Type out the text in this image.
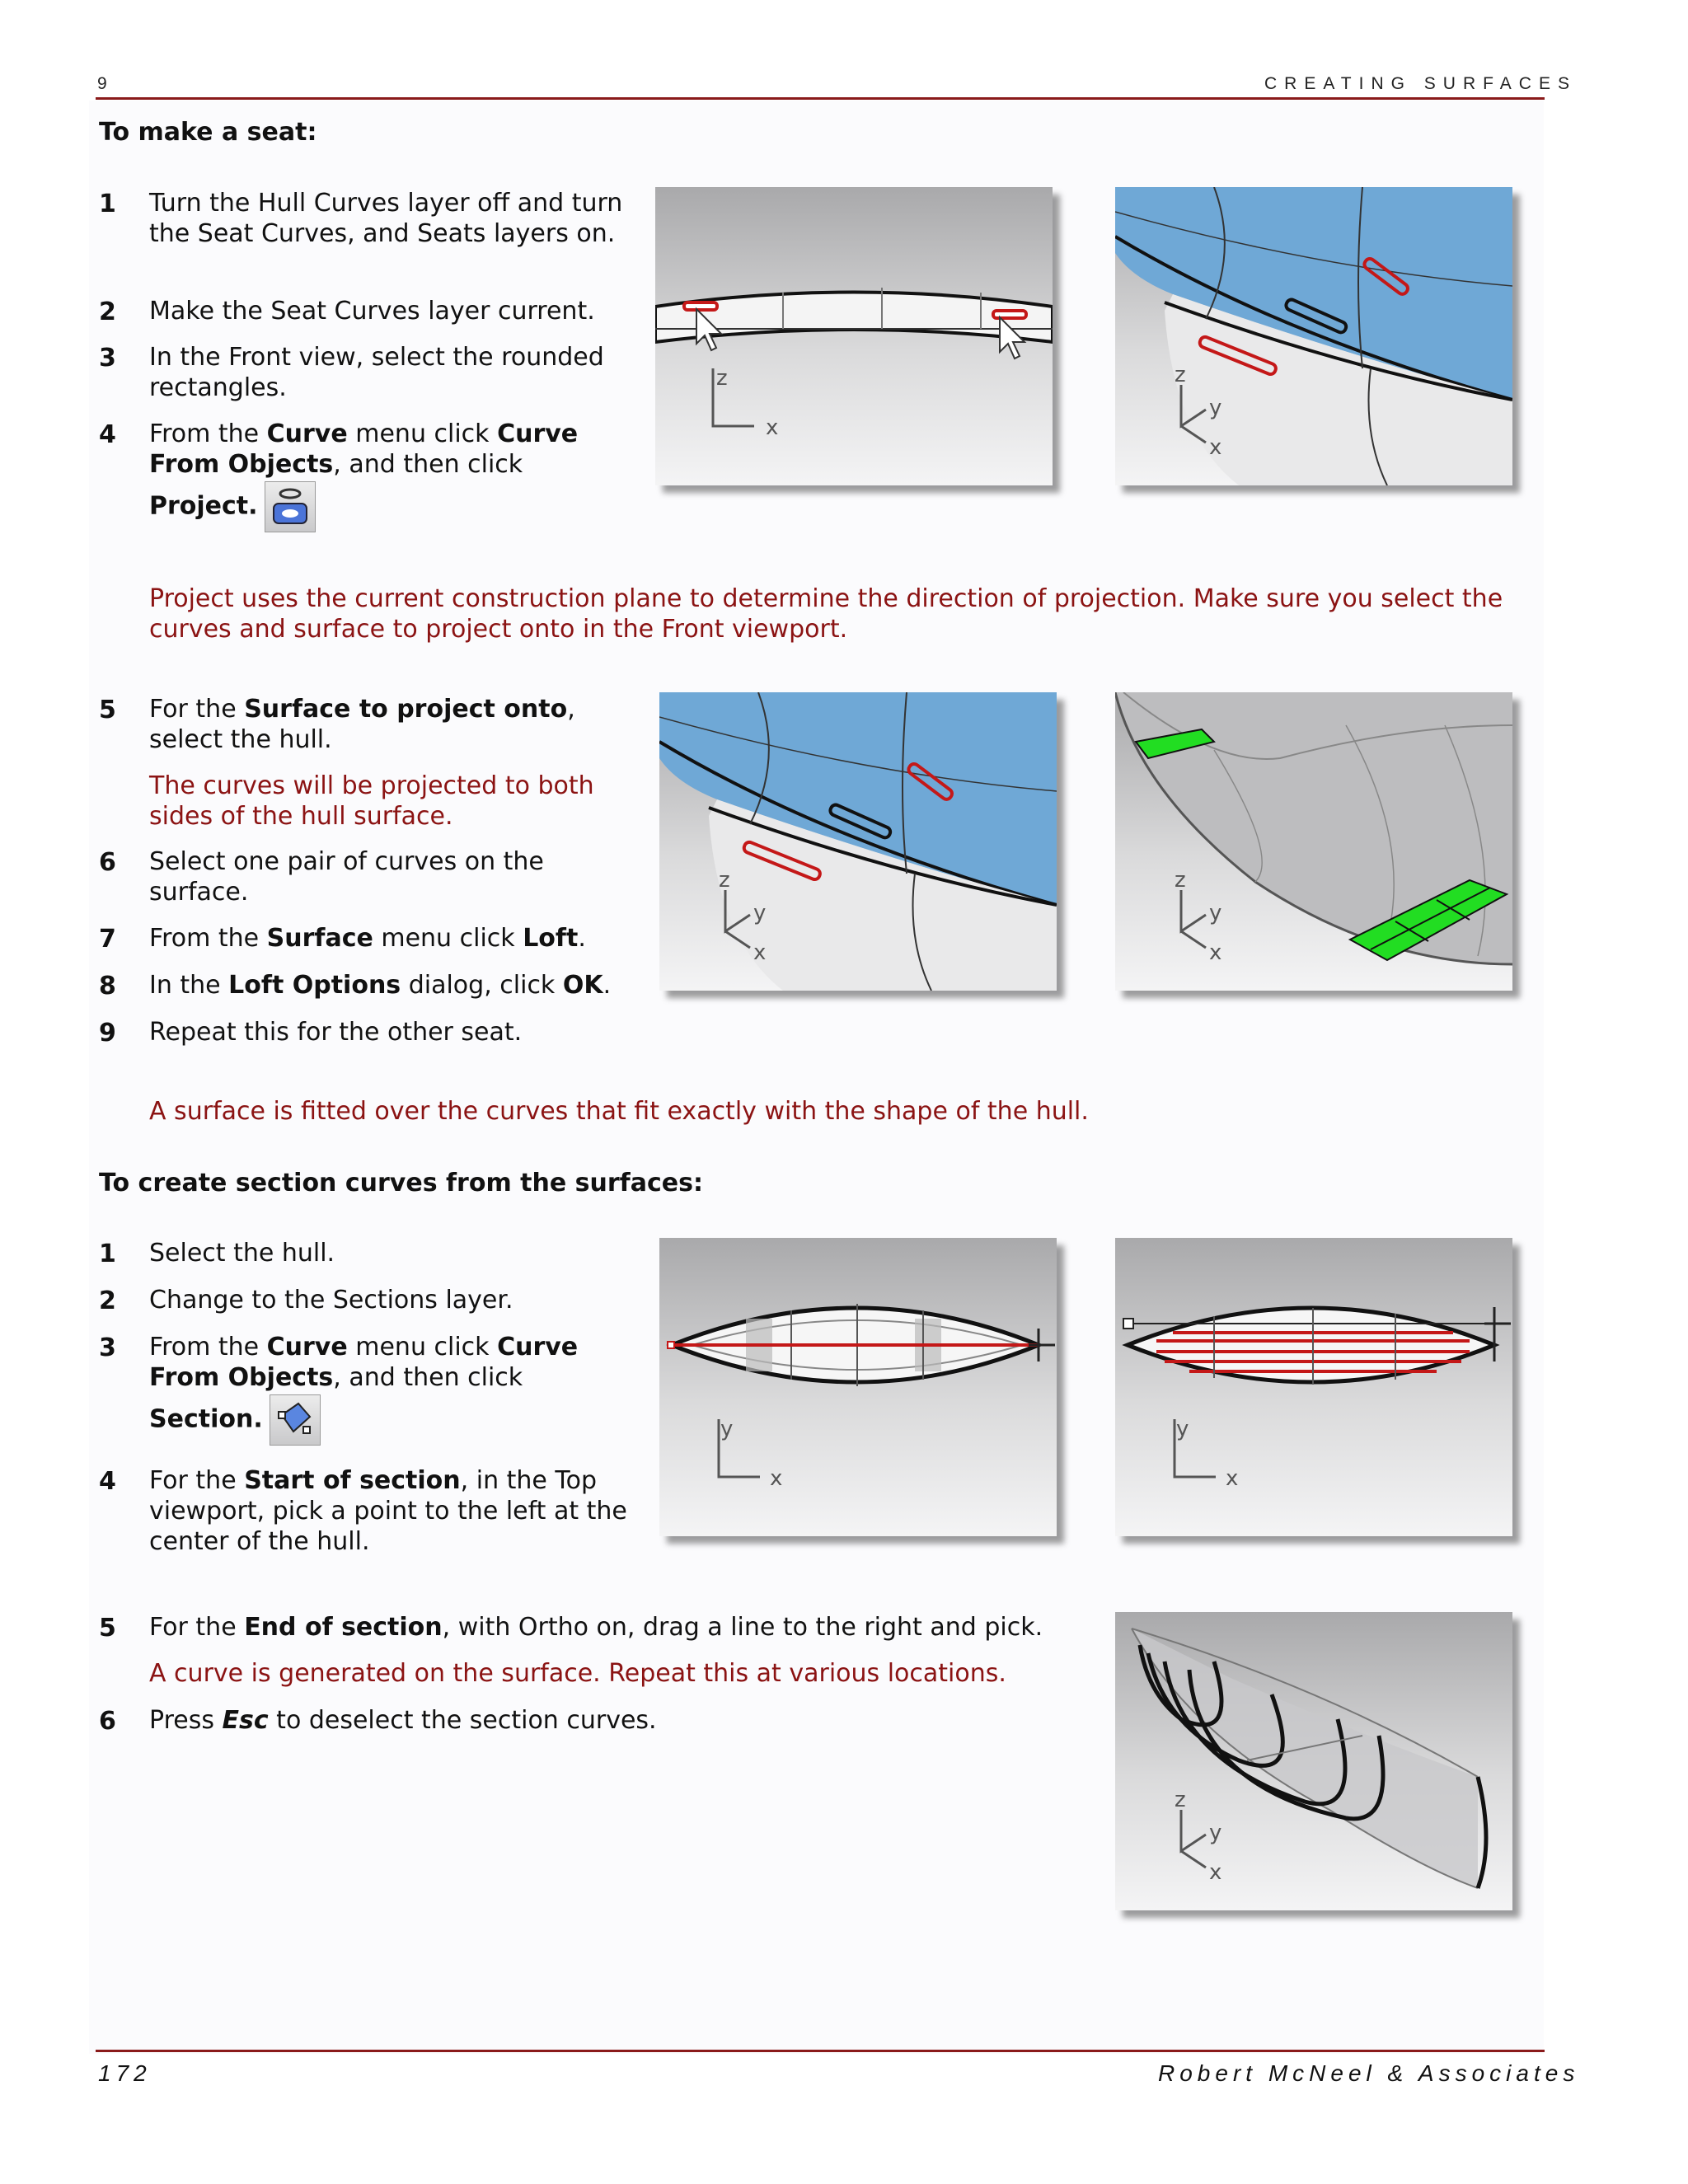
9	CREATING SURFACES
To make a seat:
1 Turn the Hull Curves layer off and turn the Seat Curves, and Seats layers on.
2 Make the Seat Curves layer current.
3 In the Front view, select the rounded rectangles.
4 From the Curve menu click Curve From Objects, and then click
Project.
Project uses the current construction plane to determine the direction of projection. Make sure you select the curves and surface to project onto in the Front viewport.
5 For the Surface to project onto, select the hull.
The curves will be projected to both sides of the hull surface.
6 Select one pair of curves on the surface.
7 From the Surface menu click Loft.
8 In the Loft Options dialog, click OK.
9 Repeat this for the other seat.
A surface is fitted over the curves that fit exactly with the shape of the hull.
z
x
z
y
x
z
y
x
z
y
x
To create section curves from the surfaces:
1 Select the hull.
2 Change to the Sections layer.
3 From the Curve menu click Curve From Objects, and then click
Section.
4 For the Start of section, in the Top viewport, pick a point to the left at the center of the hull.
5 For the End of section, with Ortho on, drag a line to the right and pick.
A curve is generated on the surface. Repeat this at various locations.
6 Press Esc to deselect the section curves.
y
x
y
x
z
y
x
172	Robert McNeel & Associates
